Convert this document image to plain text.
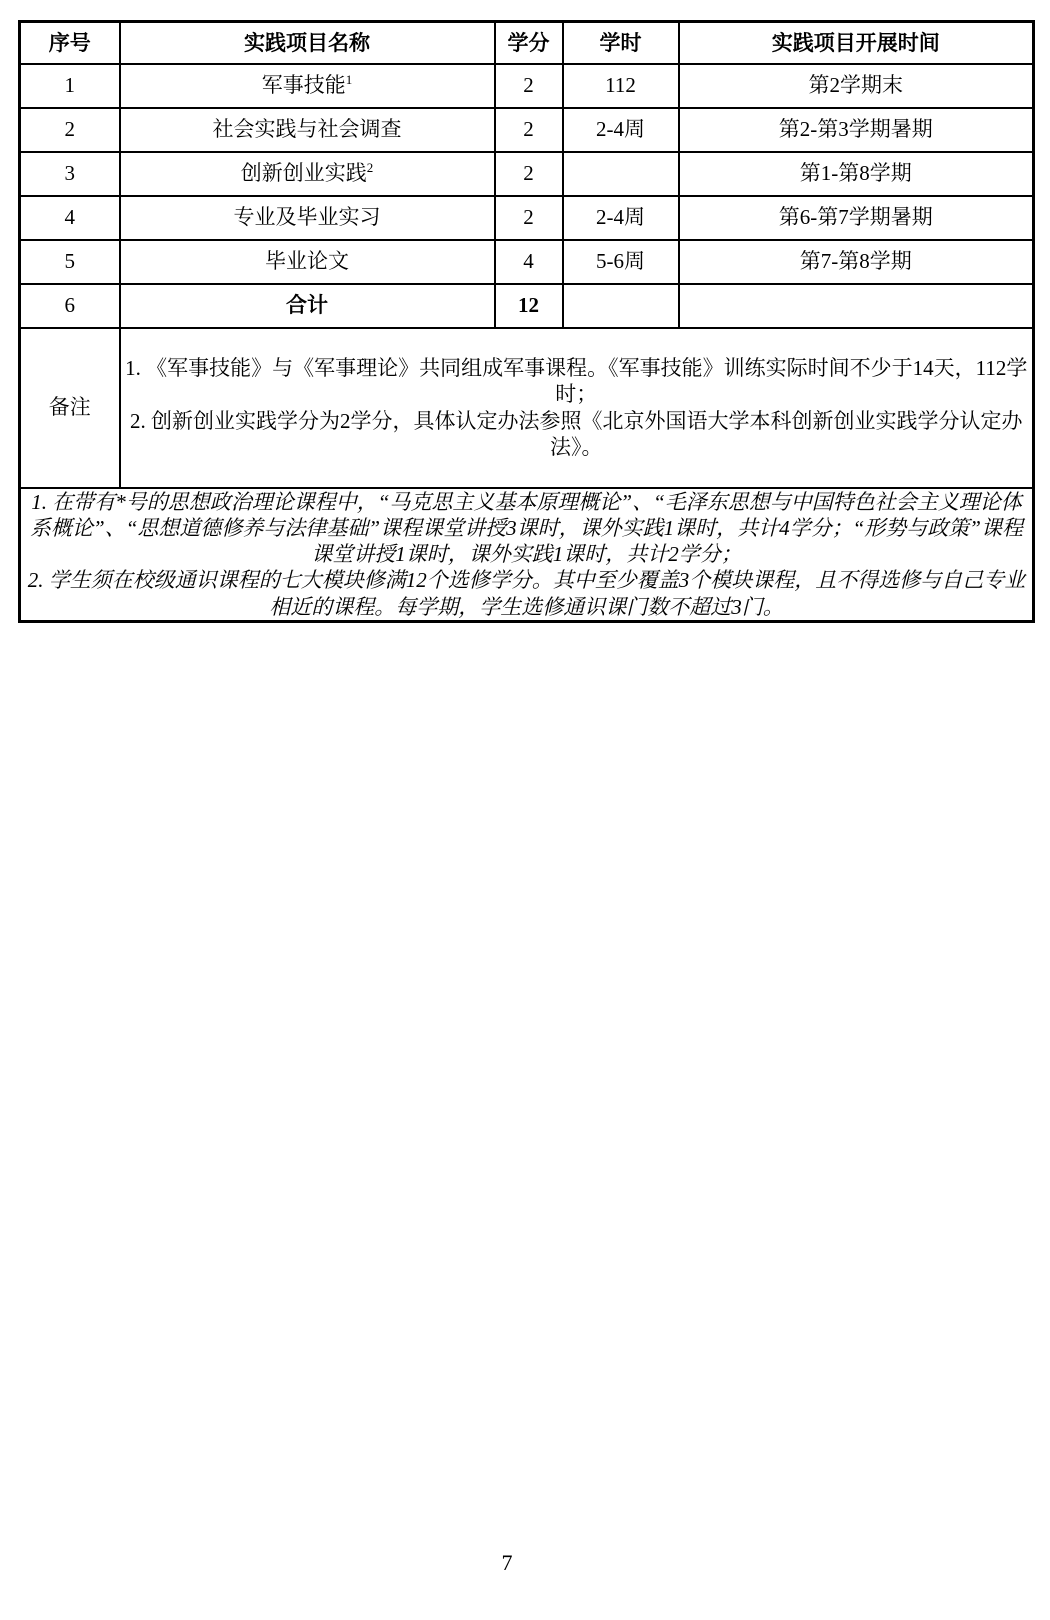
序号	实践项目名称	学分	学时	实践项目开展时间
1	军事技能$^1$	2	112	第2学期末
2	社会实践与社会调查	2	2-4周	第2-第3学期暑期
3	创新创业实践$^2$	2		第1-第8学期
4	专业及毕业实习	2	2-4周	第6-第7学期暑期
5	毕业论文	4	5-6周	第7-第8学期
6	合计	12		
备注	1. 《军事技能》与《军事理论》共同组成军事课程。《军事技能》训练实际时间不少于14天，112学时；
2. 创新创业实践学分为2学分，具体认定办法参照《北京外国语大学本科创新创业实践学分认定办法》。			

1. 在带有*号的思想政治理论课程中，“马克思主义基本原理概论”、“毛泽东思想与中国特色社会主义理论体系概论”、“思想道德修养与法律基础”课程课堂讲授3课时，课外实践1课时，共计4学分；“形势与政策”课程课堂讲授1课时，课外实践1课时，共计2学分；
2. 学生须在校级通识课程的七大模块修满12个选修学分。其中至少覆盖3个模块课程，且不得选修与自己专业相近的课程。每学期，学生选修通识课门数不超过3门。				
7
